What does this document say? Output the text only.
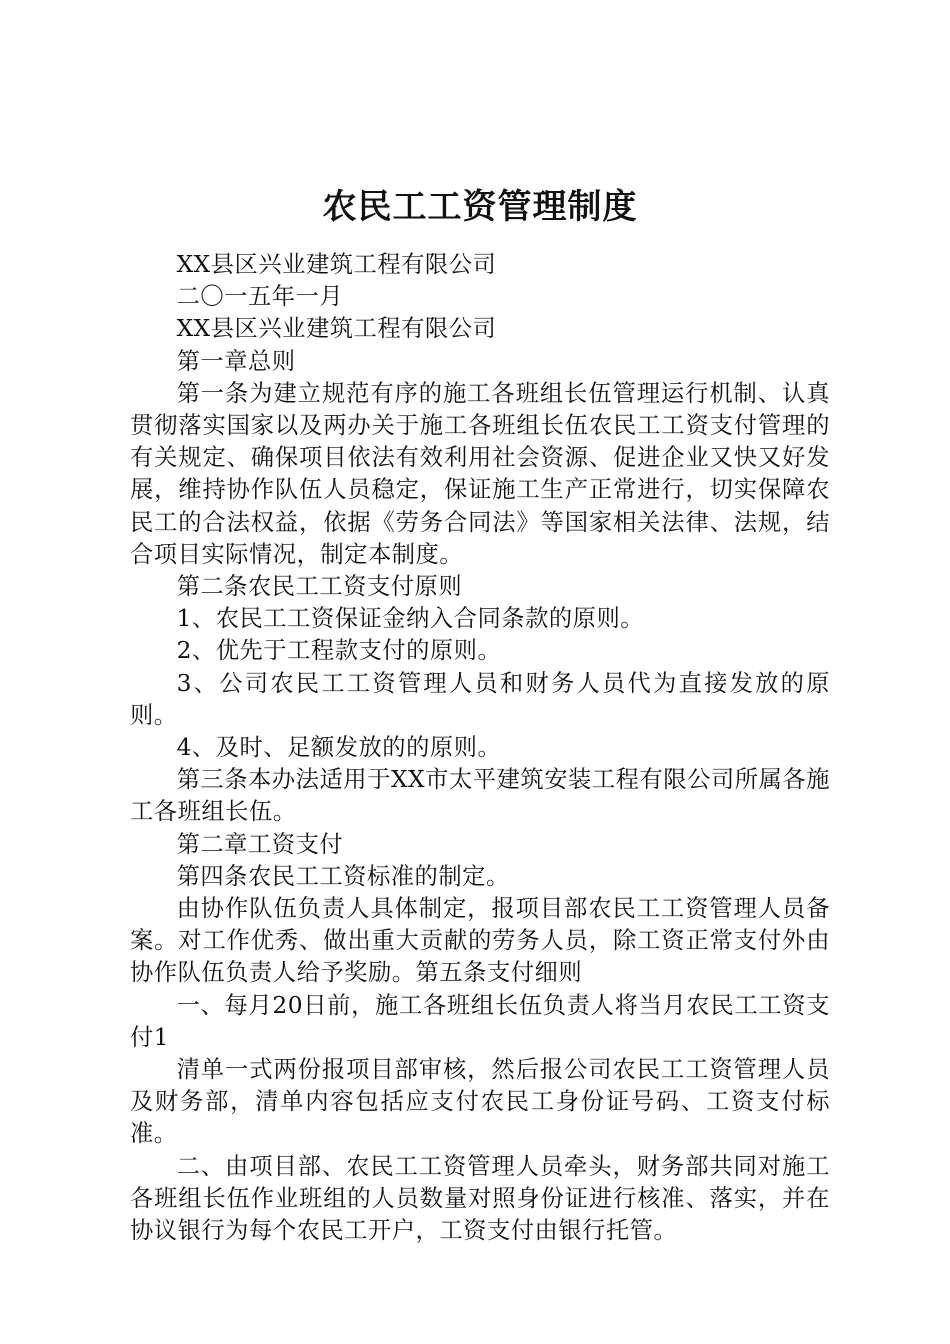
农民工工资管理制度

XX县区兴业建筑工程有限公司

二〇一五年一月

XX县区兴业建筑工程有限公司

第一章总则

第一条为建立规范有序的施工各班组长伍管理运行机制、认真贯彻落实国家以及两办关于施工各班组长伍农民工工资支付管理的有关规定、确保项目依法有效利用社会资源、促进企业又快又好发展，维持协作队伍人员稳定，保证施工生产正常进行，切实保障农民工的合法权益，依据《劳务合同法》等国家相关法律、法规，结合项目实际情况，制定本制度。

第二条农民工工资支付原则

1、农民工工资保证金纳入合同条款的原则。

2、优先于工程款支付的原则。

3、公司农民工工资管理人员和财务人员代为直接发放的原则。

4、及时、足额发放的的原则。

第三条本办法适用于XX市太平建筑安装工程有限公司所属各施工各班组长伍。

第二章工资支付

第四条农民工工资标准的制定。

由协作队伍负责人具体制定，报项目部农民工工资管理人员备案。对工作优秀、做出重大贡献的劳务人员，除工资正常支付外由协作队伍负责人给予奖励。第五条支付细则

一、每月20日前，施工各班组长伍负责人将当月农民工工资支付1

清单一式两份报项目部审核，然后报公司农民工工资管理人员及财务部，清单内容包括应支付农民工身份证号码、工资支付标准。

二、由项目部、农民工工资管理人员牵头，财务部共同对施工各班组长伍作业班组的人员数量对照身份证进行核准、落实，并在协议银行为每个农民工开户，工资支付由银行托管。
